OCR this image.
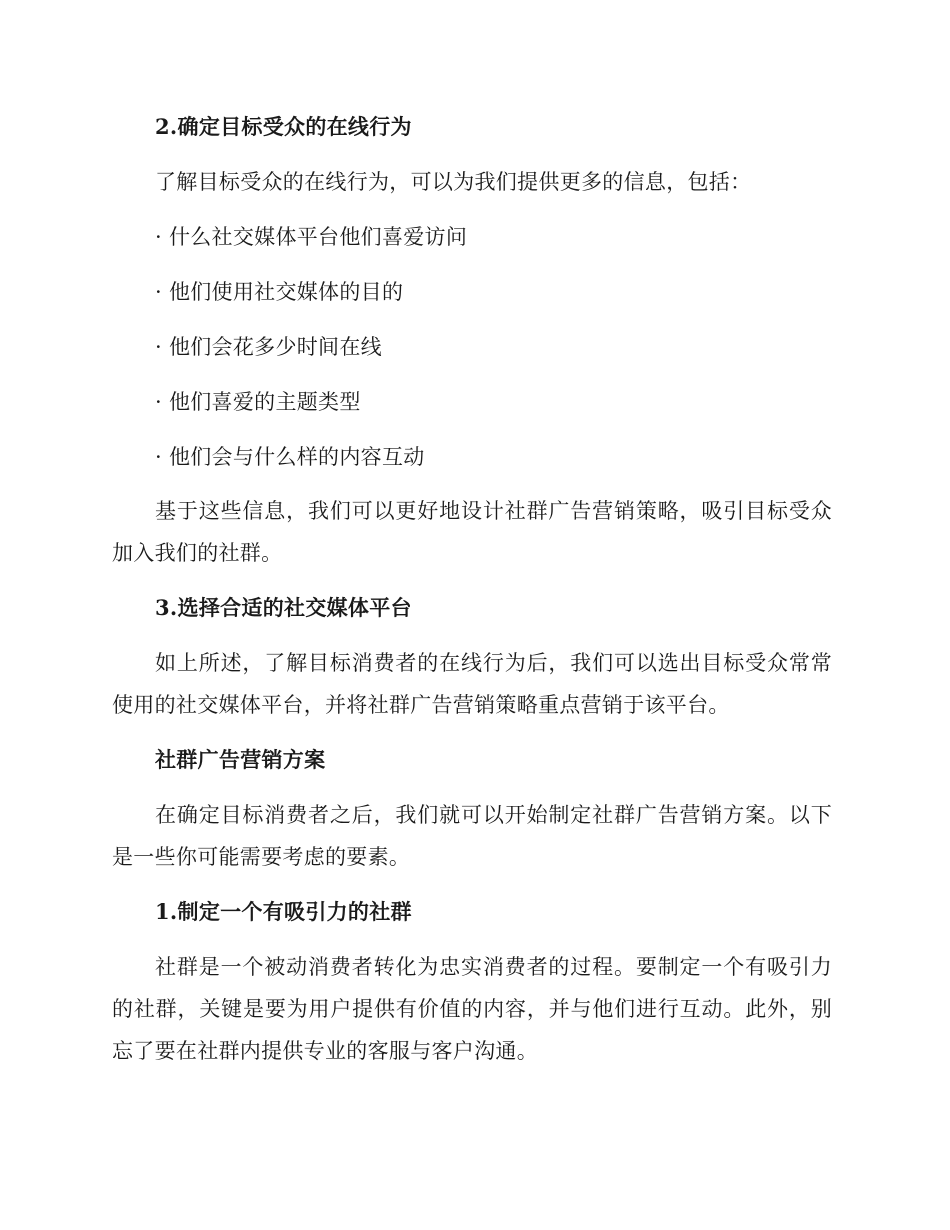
2.确定目标受众的在线行为

了解目标受众的在线行为，可以为我们提供更多的信息，包括：

· 什么社交媒体平台他们喜爱访问

· 他们使用社交媒体的目的

· 他们会花多少时间在线

· 他们喜爱的主题类型

· 他们会与什么样的内容互动

基于这些信息，我们可以更好地设计社群广告营销策略，吸引目标受众加入我们的社群。

3.选择合适的社交媒体平台

如上所述，了解目标消费者的在线行为后，我们可以选出目标受众常常使用的社交媒体平台，并将社群广告营销策略重点营销于该平台。

社群广告营销方案

在确定目标消费者之后，我们就可以开始制定社群广告营销方案。以下是一些你可能需要考虑的要素。

1.制定一个有吸引力的社群

社群是一个被动消费者转化为忠实消费者的过程。要制定一个有吸引力的社群，关键是要为用户提供有价值的内容，并与他们进行互动。此外，别忘了要在社群内提供专业的客服与客户沟通。
